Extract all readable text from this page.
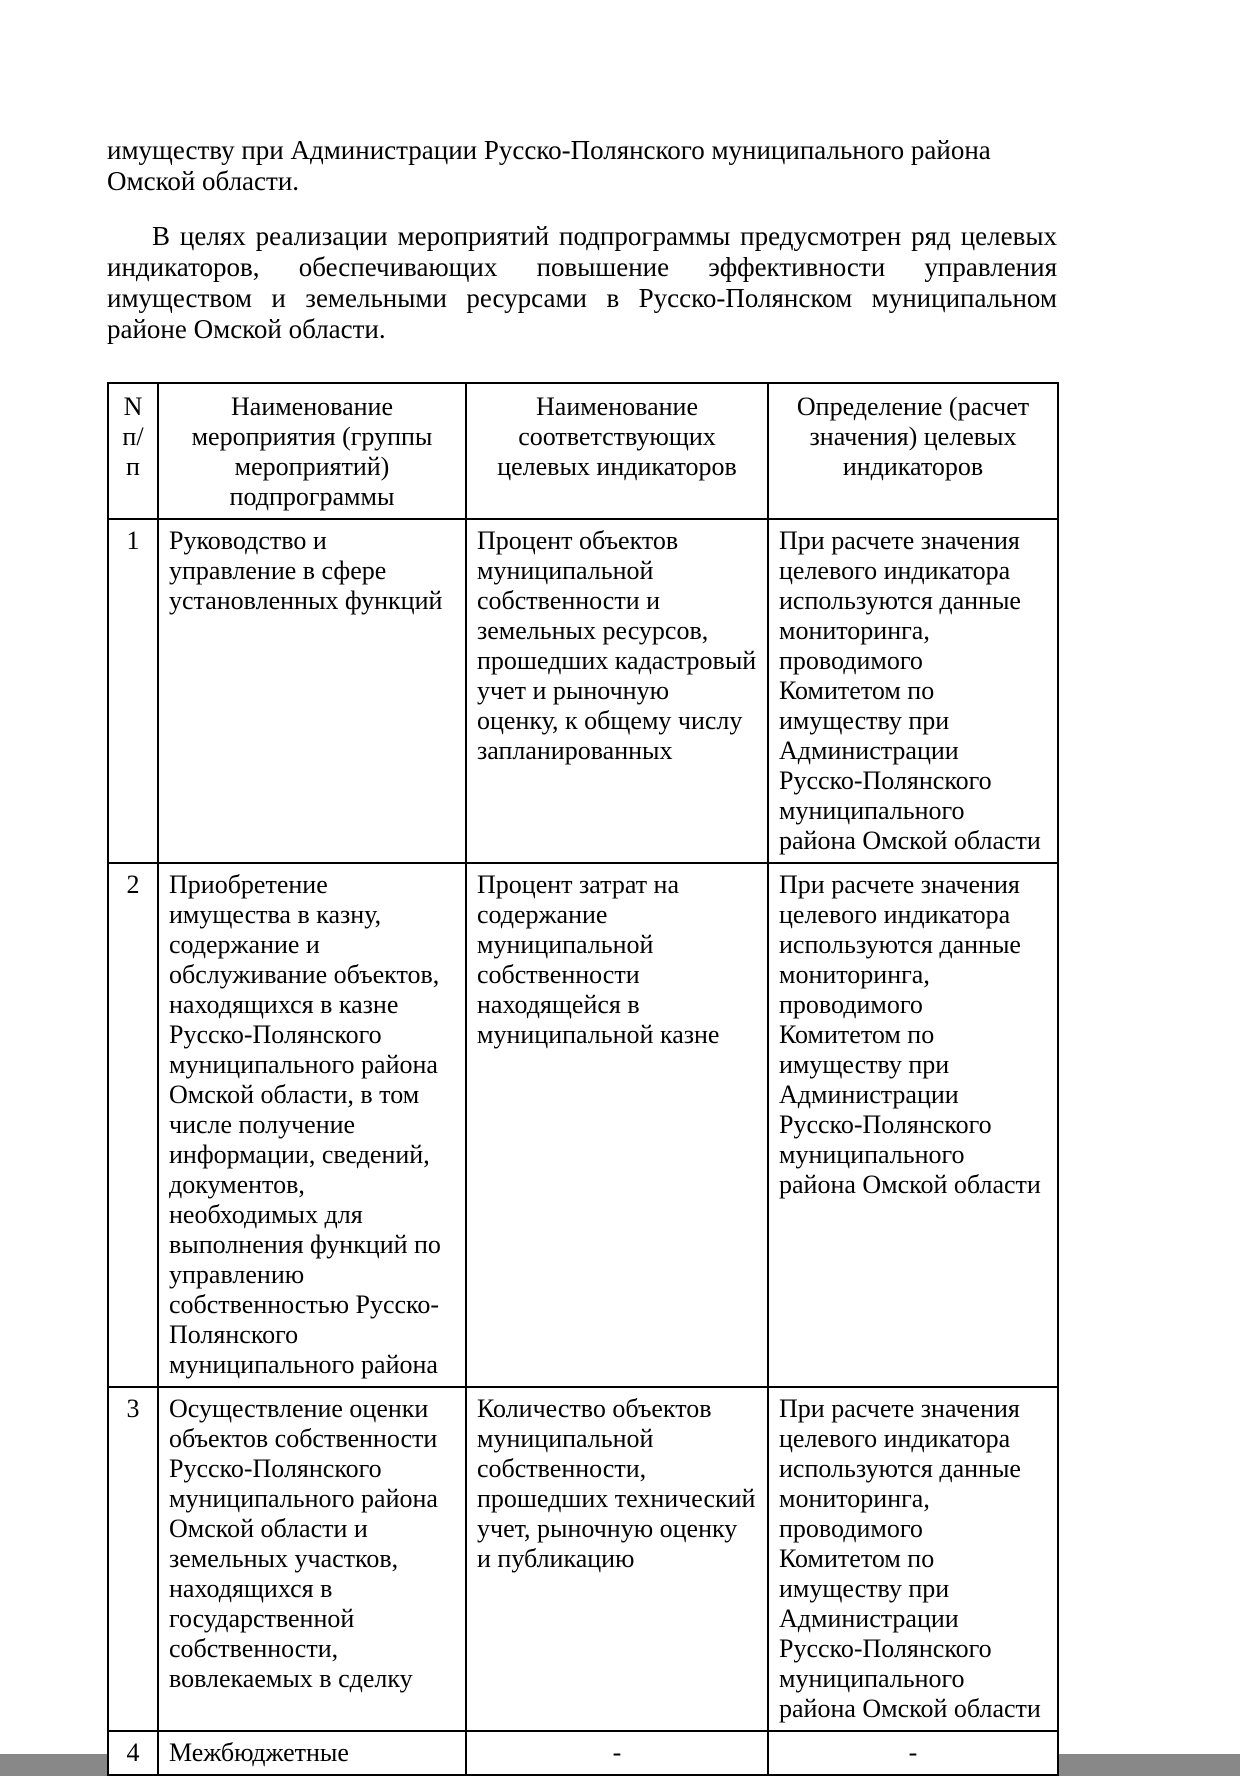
имуществу при Администрации Русско-Полянского муниципального района Омской области.

В целях реализации мероприятий подпрограммы предусмотрен ряд целевых индикаторов, обеспечивающих повышение эффективности управления имуществом и земельными ресурсами в Русско-Полянском муниципальном районе Омской области.

N п/п	Наименование мероприятия (группы мероприятий) подпрограммы	Наименование соответствующих целевых индикаторов	Определение (расчет значения) целевых индикаторов
1	Руководство и управление в сфере установленных функций	Процент объектов муниципальной собственности и земельных ресурсов, прошедших кадастровый учет и рыночную оценку, к общему числу запланированных	При расчете значения целевого индикатора используются данные мониторинга, проводимого Комитетом по имуществу при Администрации Русско-Полянского муниципального района Омской области
2	Приобретение имущества в казну, содержание и обслуживание объектов, находящихся в казне Русско-Полянского муниципального района Омской области, в том числе получение информации, сведений, документов, необходимых для выполнения функций по управлению собственностью Русско-Полянского муниципального района	Процент затрат на содержание муниципальной собственности находящейся в муниципальной казне	При расчете значения целевого индикатора используются данные мониторинга, проводимого Комитетом по имуществу при Администрации Русско-Полянского муниципального района Омской области
3	Осуществление оценки объектов собственности Русско-Полянского муниципального района Омской области и земельных участков, находящихся в государственной собственности, вовлекаемых в сделку	Количество объектов муниципальной собственности, прошедших технический учет, рыночную оценку и публикацию	При расчете значения целевого индикатора используются данные мониторинга, проводимого Комитетом по имуществу при Администрации Русско-Полянского муниципального района Омской области
4	Межбюджетные	-	-
